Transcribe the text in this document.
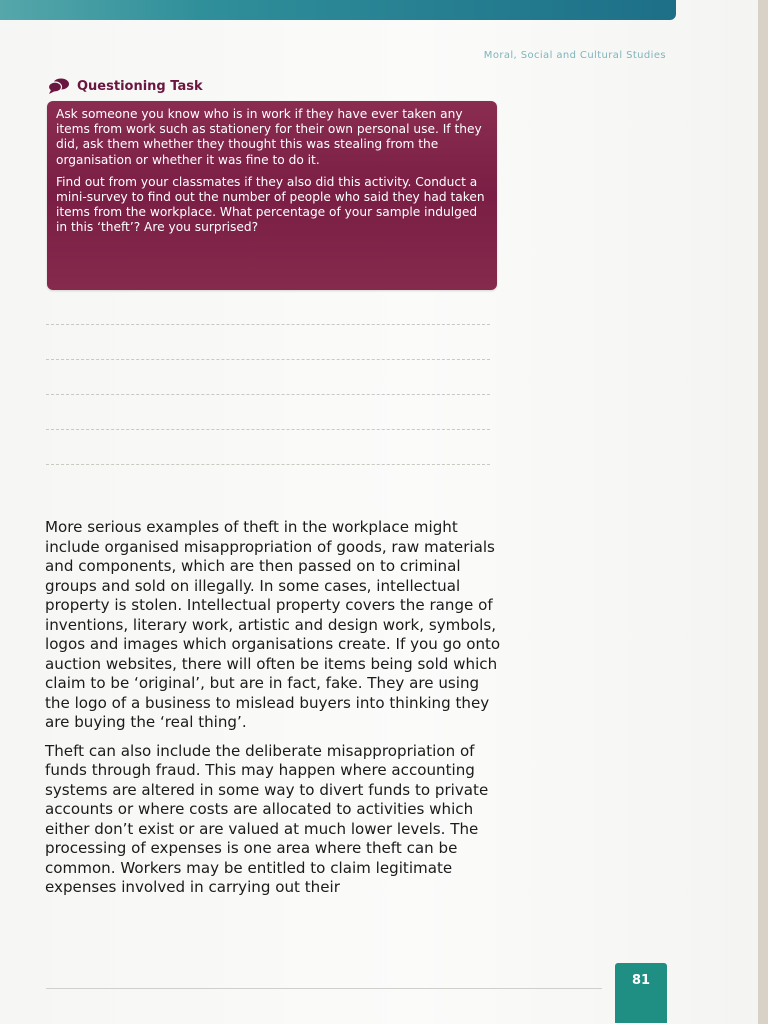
Moral, Social and Cultural Studies
Questioning Task

Ask someone you know who is in work if they have ever taken any items from work such as stationery for their own personal use. If they did, ask them whether they thought this was stealing from the organisation or whether it was fine to do it.

Find out from your classmates if they also did this activity. Conduct a mini-survey to find out the number of people who said they had taken items from the workplace. What percentage of your sample indulged in this ‘theft’? Are you surprised?

More serious examples of theft in the workplace might include organised misappropriation of goods, raw materials and components, which are then passed on to criminal groups and sold on illegally. In some cases, intellectual property is stolen. Intellectual property covers the range of inventions, literary work, artistic and design work, symbols, logos and images which organisations create. If you go onto auction websites, there will often be items being sold which claim to be ‘original’, but are in fact, fake. They are using the logo of a business to mislead buyers into thinking they are buying the ‘real thing’.

Theft can also include the deliberate misappropriation of funds through fraud. This may happen where accounting systems are altered in some way to divert funds to private accounts or where costs are allocated to activities which either don’t exist or are valued at much lower levels. The processing of expenses is one area where theft can be common. Workers may be entitled to claim legitimate expenses involved in carrying out their

81
